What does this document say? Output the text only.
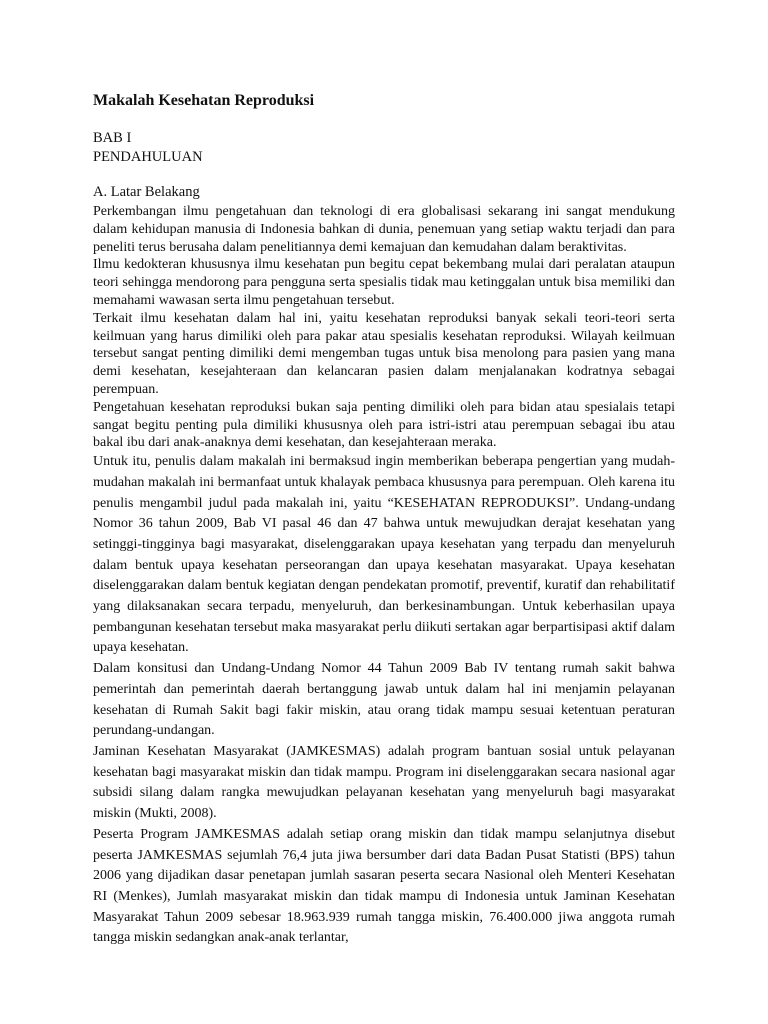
Makalah Kesehatan Reproduksi

BAB I

PENDAHULUAN

A. Latar Belakang

Perkembangan ilmu pengetahuan dan teknologi di era globalisasi sekarang ini sangat mendukung dalam kehidupan manusia di Indonesia bahkan di dunia, penemuan yang setiap waktu terjadi dan para peneliti terus berusaha dalam penelitiannya demi kemajuan dan kemudahan dalam beraktivitas.

Ilmu kedokteran khususnya ilmu kesehatan pun begitu cepat bekembang mulai dari peralatan ataupun teori sehingga mendorong para pengguna serta spesialis tidak mau ketinggalan untuk bisa memiliki dan memahami wawasan serta ilmu pengetahuan tersebut.

Terkait ilmu kesehatan dalam hal ini, yaitu kesehatan reproduksi banyak sekali teori-teori serta keilmuan yang harus dimiliki oleh para pakar atau spesialis kesehatan reproduksi. Wilayah keilmuan tersebut sangat penting dimiliki demi mengemban tugas untuk bisa menolong para pasien yang mana demi kesehatan, kesejahteraan dan kelancaran pasien dalam menjalanakan kodratnya sebagai perempuan.

Pengetahuan kesehatan reproduksi bukan saja penting dimiliki oleh para bidan atau spesialais tetapi sangat begitu penting pula dimiliki khususnya oleh para istri-istri atau perempuan sebagai ibu atau bakal ibu dari anak-anaknya demi kesehatan, dan kesejahteraan meraka.

Untuk itu, penulis dalam makalah ini bermaksud ingin memberikan beberapa pengertian yang mudah-mudahan makalah ini bermanfaat untuk khalayak pembaca khususnya para perempuan. Oleh karena itu penulis mengambil judul pada makalah ini, yaitu “KESEHATAN REPRODUKSI”. Undang-undang Nomor 36 tahun 2009, Bab VI pasal 46 dan 47 bahwa untuk mewujudkan derajat kesehatan yang setinggi-tingginya bagi masyarakat, diselenggarakan upaya kesehatan yang terpadu dan menyeluruh dalam bentuk upaya kesehatan perseorangan dan upaya kesehatan masyarakat. Upaya kesehatan diselenggarakan dalam bentuk kegiatan dengan pendekatan promotif, preventif, kuratif dan rehabilitatif yang dilaksanakan secara terpadu, menyeluruh, dan berkesinambungan. Untuk keberhasilan upaya pembangunan kesehatan tersebut maka masyarakat perlu diikuti sertakan agar berpartisipasi aktif dalam upaya kesehatan.

Dalam konsitusi dan Undang-Undang Nomor 44 Tahun 2009 Bab IV tentang rumah sakit bahwa pemerintah dan pemerintah daerah bertanggung jawab untuk dalam hal ini menjamin pelayanan kesehatan di Rumah Sakit bagi fakir miskin, atau orang tidak mampu sesuai ketentuan peraturan perundang-undangan.

Jaminan Kesehatan Masyarakat (JAMKESMAS) adalah program bantuan sosial untuk pelayanan kesehatan bagi masyarakat miskin dan tidak mampu. Program ini diselenggarakan secara nasional agar subsidi silang dalam rangka mewujudkan pelayanan kesehatan yang menyeluruh bagi masyarakat miskin (Mukti, 2008).

Peserta Program JAMKESMAS adalah setiap orang miskin dan tidak mampu selanjutnya disebut peserta JAMKESMAS sejumlah 76,4 juta jiwa bersumber dari data Badan Pusat Statisti (BPS) tahun 2006 yang dijadikan dasar penetapan jumlah sasaran peserta secara Nasional oleh Menteri Kesehatan RI (Menkes), Jumlah masyarakat miskin dan tidak mampu di Indonesia untuk Jaminan Kesehatan Masyarakat Tahun 2009 sebesar 18.963.939 rumah tangga miskin, 76.400.000 jiwa anggota rumah tangga miskin sedangkan anak-anak terlantar,
